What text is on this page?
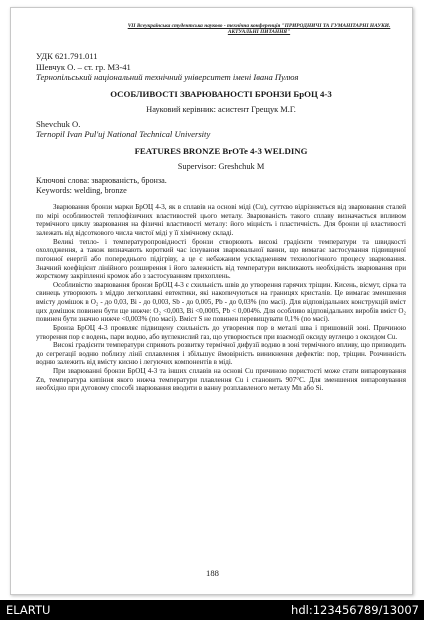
VII Всеукраїнська студентська науково - технічна конференція "ПРИРОДНИЧІ ТА ГУМАНІТАРНІ НАУКИ.
АКТУАЛЬНІ ПИТАННЯ"
УДК 621.791.011
Шевчук О. – ст. гр. МЗ-41
Тернопільський національний технічний університет імені Івана Пулюя
ОСОБЛИВОСТІ ЗВАРЮВАНОСТІ БРОНЗИ БрОЦ 4-3
Науковий керівник: асистент Грещук М.Г.
Shevchuk O.
Ternopil Ivan Pul'uj National Technical University
FEATURES BRONZE BrOTe 4-3 WELDING
Supervisor: Greshchuk M
Ключові слова: зварюваність, бронза.
Keywords: welding, bronze

Зварювання бронзи марки БрОЦ 4-3, як в сплавів на основі міді (Cu), суттєво відрізняється від зварювання сталей по мірі особливостей теплофізичних властивостей цього металу. Зварюваність такого сплаву визначається впливом термічного циклу зварювання на фізичні властивості металу: його міцність і пластичність. Для бронзи ці властивості залежать від відсоткового числа чистої міді у її хімічному складі.

Великі тепло- і температуропровідності бронзи створюють високі градієнти температури та швидкості охолодження, а також визначають короткий час існування зварювальної ванни, що вимагає застосування підвищеної погонної енергії або попереднього підігріву, а це є небажаним ускладненням технологічного процесу зварювання. Значний коефіцієнт лінійного розширення і його залежність від температури викликають необхідність зварювання при жорсткому закріпленні кромок або з застосуванням прихоплень.

Особливістю зварювання бронзи БрОЦ 4-3 є схильність швів до утворення гарячих тріщин. Кисень, вісмут, сірка та свинець утворюють з міддю легкоплавкі евтектики, які накопичуються на границях кристалів. Це вимагає зменшення вмісту домішок в O₂ - до 0,03, Bi - до 0,003, Sb - до 0,005, Pb - до 0,03% (по масі). Для відповідальних конструкцій вміст цих домішок повинен бути ще нижче: O₂ <0,003, Bi <0,0005, Pb < 0,004%. Для особливо відповідальних виробів вміст O₂ повинен бути значно нижче <0,003% (по масі). Вміст S не повинен перевищувати 0,1% (по масі).

Бронза БрОЦ 4-3 проявляє підвищену схильність до утворення пор в металі шва і пришовній зоні. Причиною утворення пор є водень, пари водню, або вуглекислий газ, що утворюється при взаємодії оксиду вуглецю з оксидом Cu.

Високі градієнти температури сприяють розвитку термічної дифузії водню в зоні термічного впливу, що призводить до сегрегації водню поблизу лінії сплавлення і збільшує ймовірність виникнення дефектів: пор, тріщин. Розчинність водню залежить від вмісту кисню і легуючих компонентів в міді.

При зварюванні бронзи БрОЦ 4-3 та інших сплавів на основі Cu причиною пористості може стати випаровування Zn, температура кипіння якого нижча температури плавлення Cu і становить 907°C. Для зменшення випаровування необхідно при дуговому способі зварювання вводити в ванну розплавленого металу Mn або Si.

188
ELARTU	hdl:123456789/13007
